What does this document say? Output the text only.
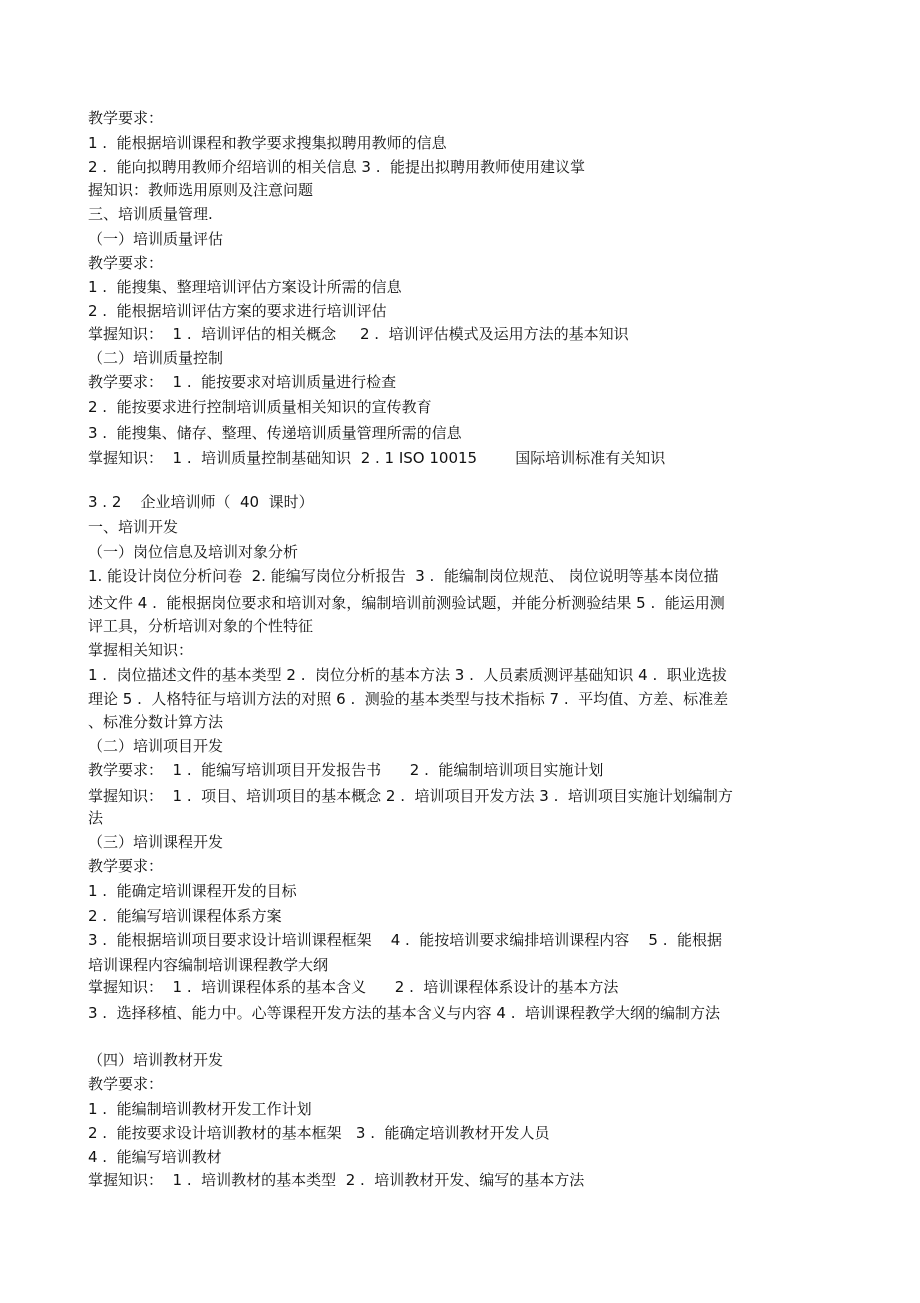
教学要求：

1 .  能根据培训课程和教学要求搜集拟聘用教师的信息

2 .  能向拟聘用教师介绍培训的相关信息 3 .  能提出拟聘用教师使用建议掌

握知识：教师选用原则及注意问题

三、培训质量管理.

（一）培训质量评估

教学要求：

1 .  能搜集、整理培训评估方案设计所需的信息

2 .  能根据培训评估方案的要求进行培训评估

掌握知识：  1 .  培训评估的相关概念     2 .  培训评估模式及运用方法的基本知识

（二）培训质量控制

教学要求：  1 .  能按要求对培训质量进行检查

2 .  能按要求进行控制培训质量相关知识的宣传教育

3 .  能搜集、储存、整理、传递培训质量管理所需的信息

掌握知识：  1 .  培训质量控制基础知识  2 . 1 ISO 10015        国际培训标准有关知识

3 . 2    企业培训师（  40  课时）

一、培训开发

（一）岗位信息及培训对象分析

1. 能设计岗位分析问卷  2. 能编写岗位分析报告  3 .  能编制岗位规范、 岗位说明等基本岗位描

述文件 4 .  能根据岗位要求和培训对象，编制培训前测验试题，并能分析测验结果 5 .  能运用测

评工具，分析培训对象的个性特征

掌握相关知识：

1 .  岗位描述文件的基本类型 2 .  岗位分析的基本方法 3 .  人员素质测评基础知识 4 .  职业选拔

理论 5 .  人格特征与培训方法的对照 6 .  测验的基本类型与技术指标 7 .  平均值、方差、标准差

、标准分数计算方法

（二）培训项目开发

教学要求：  1 .  能编写培训项目开发报告书      2 .  能编制培训项目实施计划

掌握知识：  1 .  项目、培训项目的基本概念 2 .  培训项目开发方法 3 .  培训项目实施计划编制方

法

（三）培训课程开发

教学要求：

1 .  能确定培训课程开发的目标

2 .  能编写培训课程体系方案

3 .  能根据培训项目要求设计培训课程框架    4 .  能按培训要求编排培训课程内容    5 .  能根据

培训课程内容编制培训课程教学大纲

掌握知识：  1 .  培训课程体系的基本含义      2 .  培训课程体系设计的基本方法

3 .  选择移植、能力中。心等课程开发方法的基本含义与内容 4 .  培训课程教学大纲的编制方法

（四）培训教材开发

教学要求：

1 .  能编制培训教材开发工作计划

2 .  能按要求设计培训教材的基本框架   3 .  能确定培训教材开发人员

4 .  能编写培训教材

掌握知识：  1 .  培训教材的基本类型  2 .  培训教材开发、编写的基本方法
